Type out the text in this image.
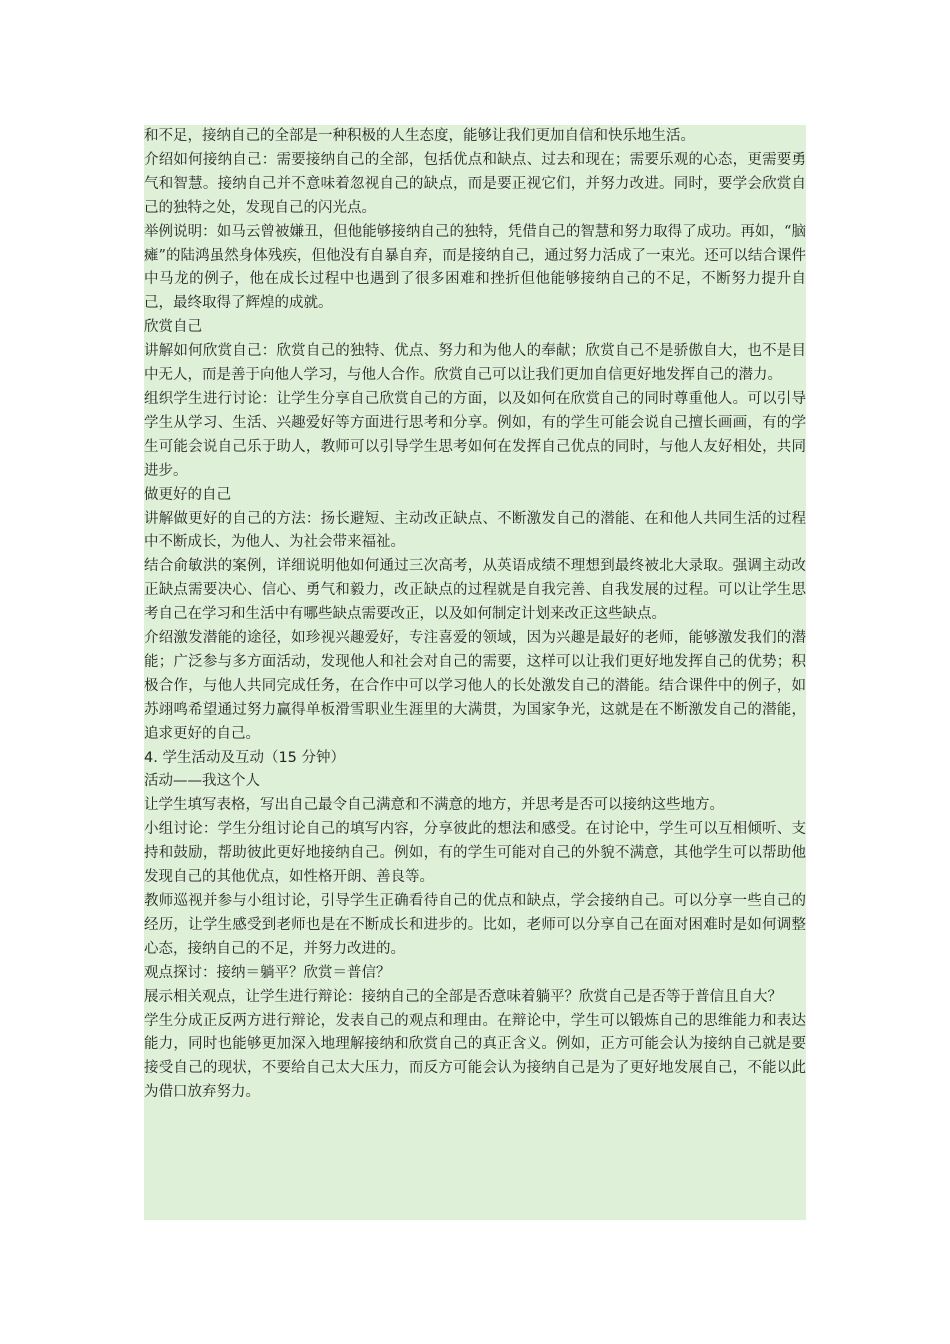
和不足，接纳自己的全部是一种积极的人生态度，能够让我们更加自信和快乐地生活。

介绍如何接纳自己：需要接纳自己的全部，包括优点和缺点、过去和现在；需要乐观的心态，更需要勇气和智慧。接纳自己并不意味着忽视自己的缺点，而是要正视它们，并努力改进。同时，要学会欣赏自己的独特之处，发现自己的闪光点。

举例说明：如马云曾被嫌丑，但他能够接纳自己的独特，凭借自己的智慧和努力取得了成功。再如，“脑瘫”的陆鸿虽然身体残疾，但他没有自暴自弃，而是接纳自己，通过努力活成了一束光。还可以结合课件中马龙的例子，他在成长过程中也遇到了很多困难和挫折但他能够接纳自己的不足，不断努力提升自己，最终取得了辉煌的成就。

欣赏自己

讲解如何欣赏自己：欣赏自己的独特、优点、努力和为他人的奉献；欣赏自己不是骄傲自大，也不是目中无人，而是善于向他人学习，与他人合作。欣赏自己可以让我们更加自信更好地发挥自己的潜力。

组织学生进行讨论：让学生分享自己欣赏自己的方面，以及如何在欣赏自己的同时尊重他人。可以引导学生从学习、生活、兴趣爱好等方面进行思考和分享。例如，有的学生可能会说自己擅长画画，有的学生可能会说自己乐于助人，教师可以引导学生思考如何在发挥自己优点的同时，与他人友好相处，共同进步。

做更好的自己

讲解做更好的自己的方法：扬长避短、主动改正缺点、不断激发自己的潜能、在和他人共同生活的过程中不断成长，为他人、为社会带来福祉。

结合俞敏洪的案例，详细说明他如何通过三次高考，从英语成绩不理想到最终被北大录取。强调主动改正缺点需要决心、信心、勇气和毅力，改正缺点的过程就是自我完善、自我发展的过程。可以让学生思考自己在学习和生活中有哪些缺点需要改正，以及如何制定计划来改正这些缺点。

介绍激发潜能的途径，如珍视兴趣爱好，专注喜爱的领域，因为兴趣是最好的老师，能够激发我们的潜能；广泛参与多方面活动，发现他人和社会对自己的需要，这样可以让我们更好地发挥自己的优势；积极合作，与他人共同完成任务，在合作中可以学习他人的长处激发自己的潜能。结合课件中的例子，如苏翊鸣希望通过努力赢得单板滑雪职业生涯里的大满贯，为国家争光，这就是在不断激发自己的潜能，追求更好的自己。

4. 学生活动及互动（15 分钟）

活动——我这个人

让学生填写表格，写出自己最令自己满意和不满意的地方，并思考是否可以接纳这些地方。

小组讨论：学生分组讨论自己的填写内容，分享彼此的想法和感受。在讨论中，学生可以互相倾听、支持和鼓励，帮助彼此更好地接纳自己。例如，有的学生可能对自己的外貌不满意，其他学生可以帮助他发现自己的其他优点，如性格开朗、善良等。

教师巡视并参与小组讨论，引导学生正确看待自己的优点和缺点，学会接纳自己。可以分享一些自己的经历，让学生感受到老师也是在不断成长和进步的。比如，老师可以分享自己在面对困难时是如何调整心态，接纳自己的不足，并努力改进的。

观点探讨：接纳＝躺平？欣赏＝普信？

展示相关观点，让学生进行辩论：接纳自己的全部是否意味着躺平？欣赏自己是否等于普信且自大？

学生分成正反两方进行辩论，发表自己的观点和理由。在辩论中，学生可以锻炼自己的思维能力和表达能力，同时也能够更加深入地理解接纳和欣赏自己的真正含义。例如，正方可能会认为接纳自己就是要接受自己的现状，不要给自己太大压力，而反方可能会认为接纳自己是为了更好地发展自己，不能以此为借口放弃努力。
